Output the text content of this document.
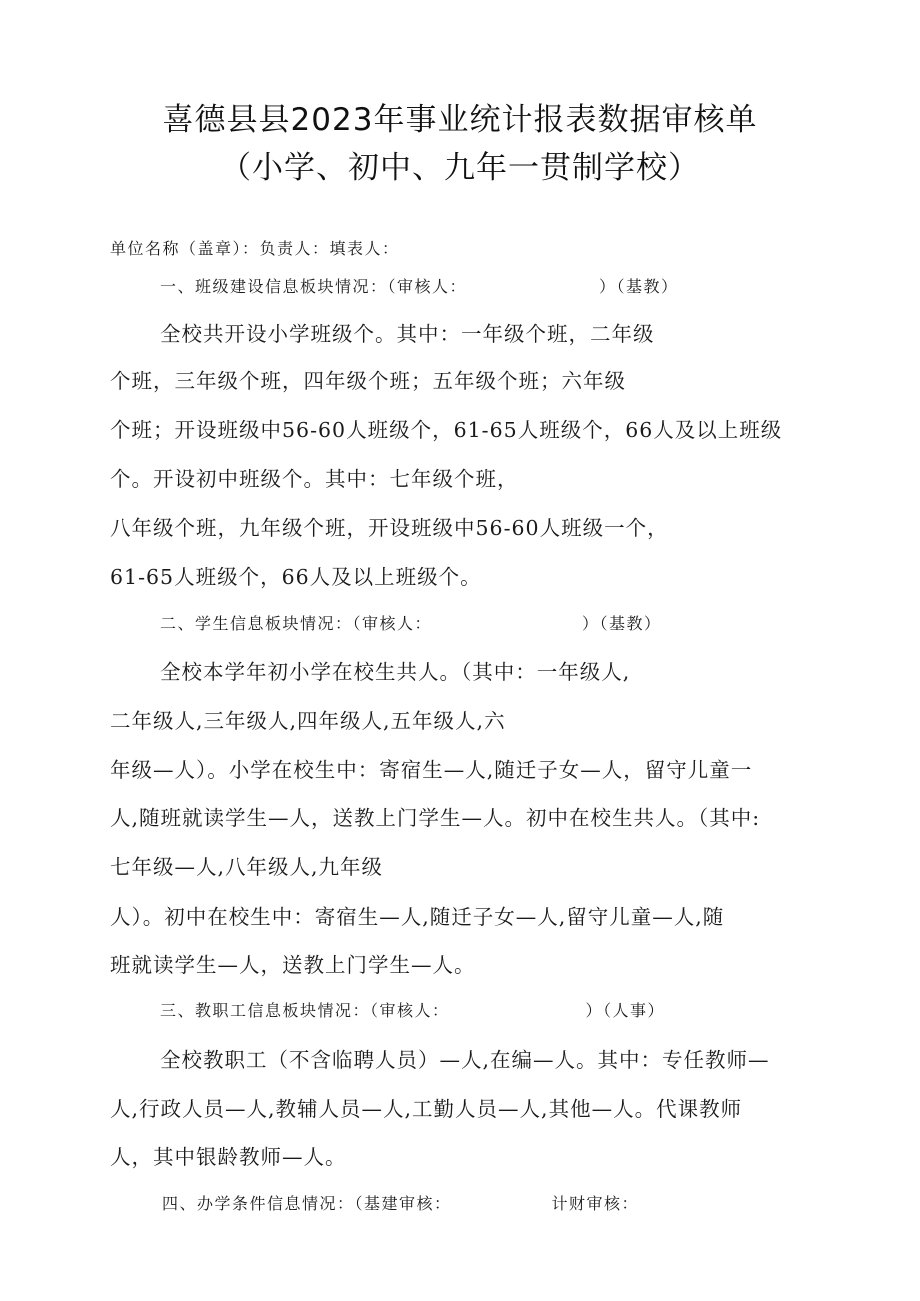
喜德县县2023年事业统计报表数据审核单
（小学、初中、九年一贯制学校）
单位名称（盖章）：负责人：填表人：
一、班级建设信息板块情况：（审核人：	）（基教）
全校共开设小学班级个。其中：一年级个班，二年级
个班，三年级个班，四年级个班；五年级个班；六年级
个班；开设班级中56-60人班级个，61-65人班级个，66人及以上班级
个。开设初中班级个。其中：七年级个班，
八年级个班，九年级个班，开设班级中56-60人班级一个，
61-65人班级个，66人及以上班级个。
二、学生信息板块情况：（审核人：	）（基教）
全校本学年初小学在校生共人。（其中：一年级人,
二年级人,三年级人,四年级人,五年级人,六
年级—人）。小学在校生中：寄宿生—人,随迁子女—人，留守儿童一
人,随班就读学生—人，送教上门学生—人。初中在校生共人。（其中:
七年级—人,八年级人,九年级
人）。初中在校生中：寄宿生—人,随迁子女—人,留守儿童—人,随
班就读学生—人，送教上门学生—人。
三、教职工信息板块情况：（审核人：	）（人事）
全校教职工（不含临聘人员）—人,在编—人。其中：专任教师—
人,行政人员—人,教辅人员—人,工勤人员—人,其他—人。代课教师
人，其中银龄教师—人。
四、办学条件信息情况：（基建审核：	计财审核：
